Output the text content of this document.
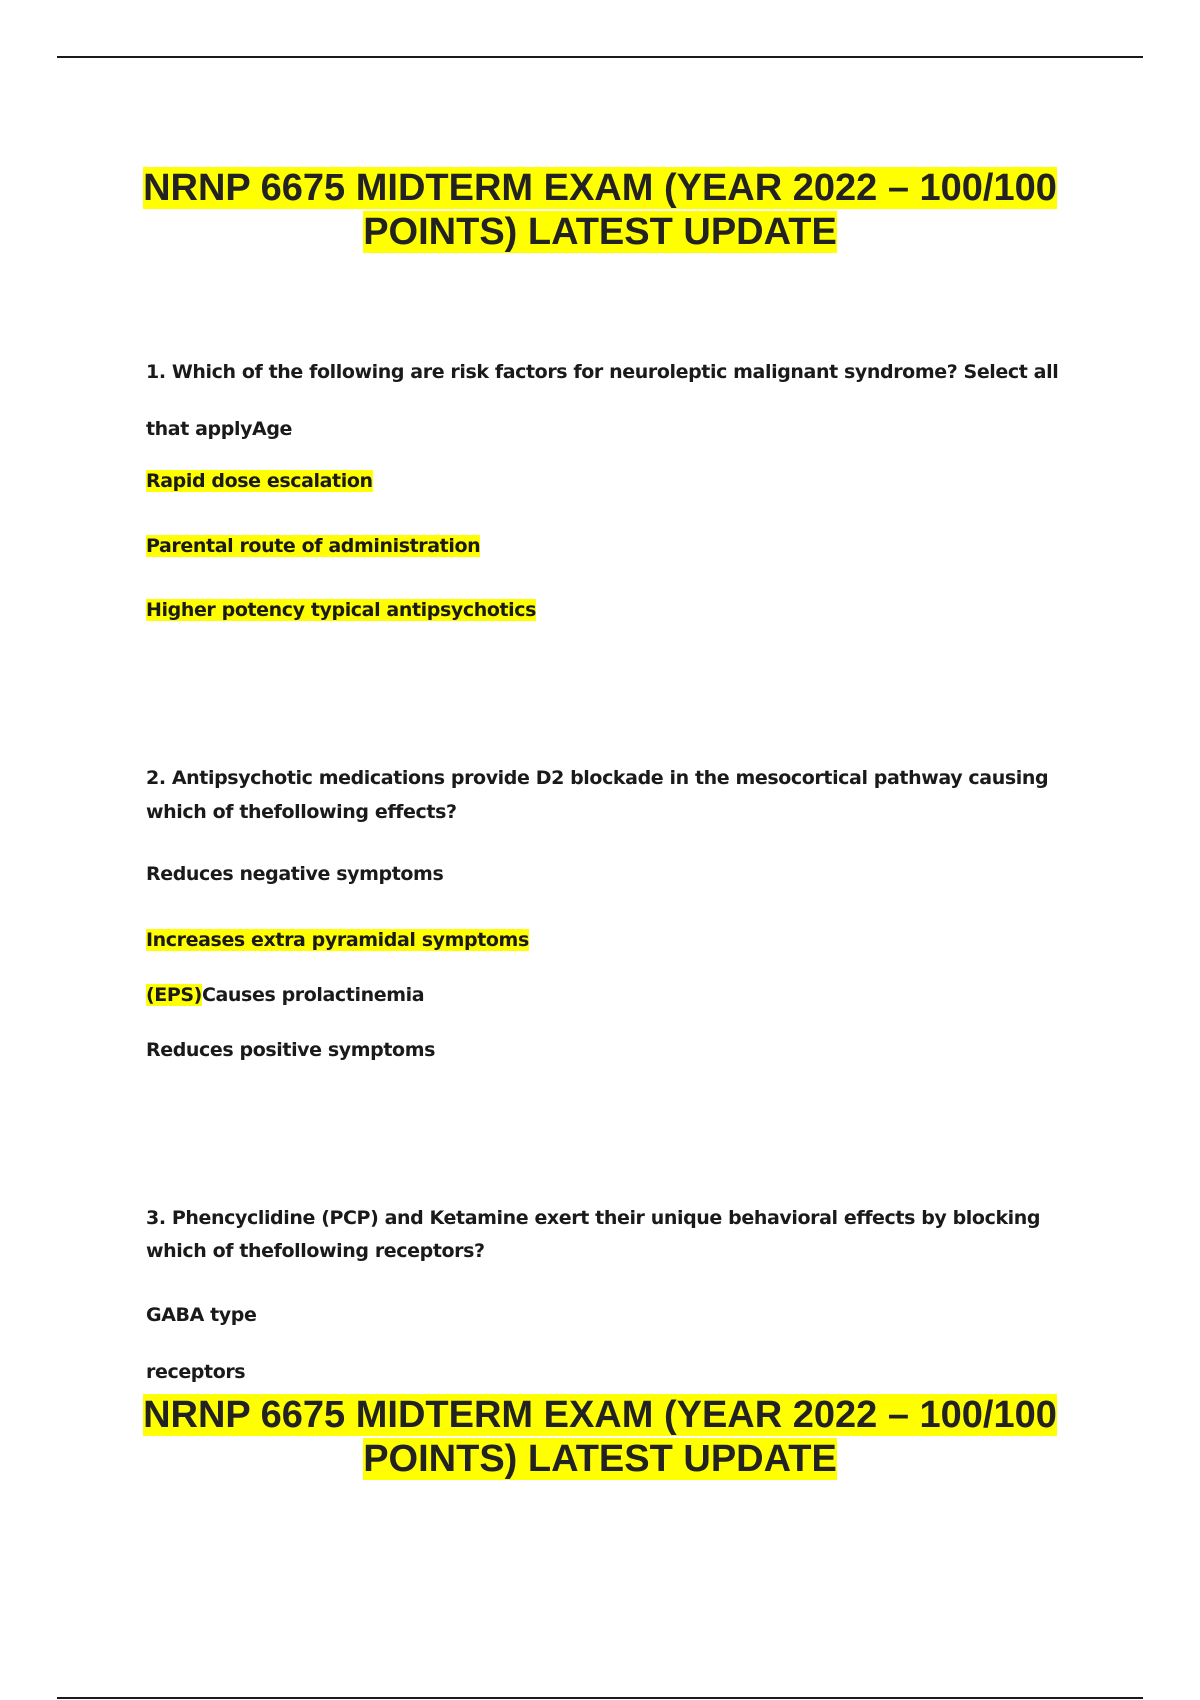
NRNP 6675 MIDTERM EXAM (YEAR 2022 – 100/100
POINTS) LATEST UPDATE
1. Which of the following are risk factors for neuroleptic malignant syndrome? Select all
that applyAge
Rapid dose escalation
Parental route of administration
Higher potency typical antipsychotics
2. Antipsychotic medications provide D2 blockade in the mesocortical pathway causing
which of thefollowing effects?
Reduces negative symptoms
Increases extra pyramidal symptoms
(EPS)Causes prolactinemia
Reduces positive symptoms
3. Phencyclidine (PCP) and Ketamine exert their unique behavioral effects by blocking
which of thefollowing receptors?
GABA type
receptors
NRNP 6675 MIDTERM EXAM (YEAR 2022 – 100/100
POINTS) LATEST UPDATE
